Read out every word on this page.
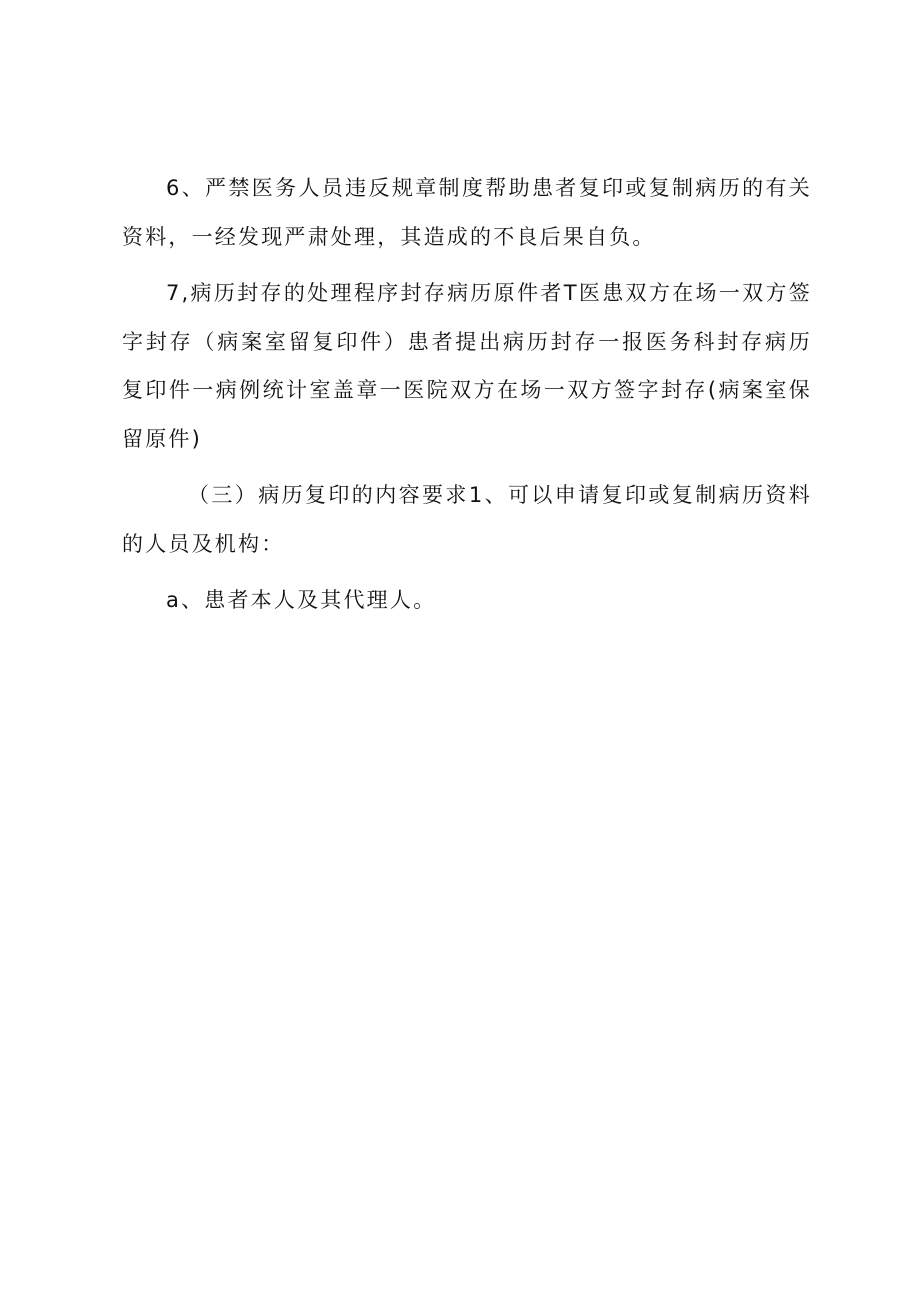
6、严禁医务人员违反规章制度帮助患者复印或复制病历的有关资料，一经发现严肃处理，其造成的不良后果自负。

7,病历封存的处理程序封存病历原件者T医患双方在场一双方签字封存（病案室留复印件）患者提出病历封存一报医务科封存病历复印件一病例统计室盖章一医院双方在场一双方签字封存(病案室保留原件)

（三）病历复印的内容要求1、可以申请复印或复制病历资料的人员及机构：

a、患者本人及其代理人。
